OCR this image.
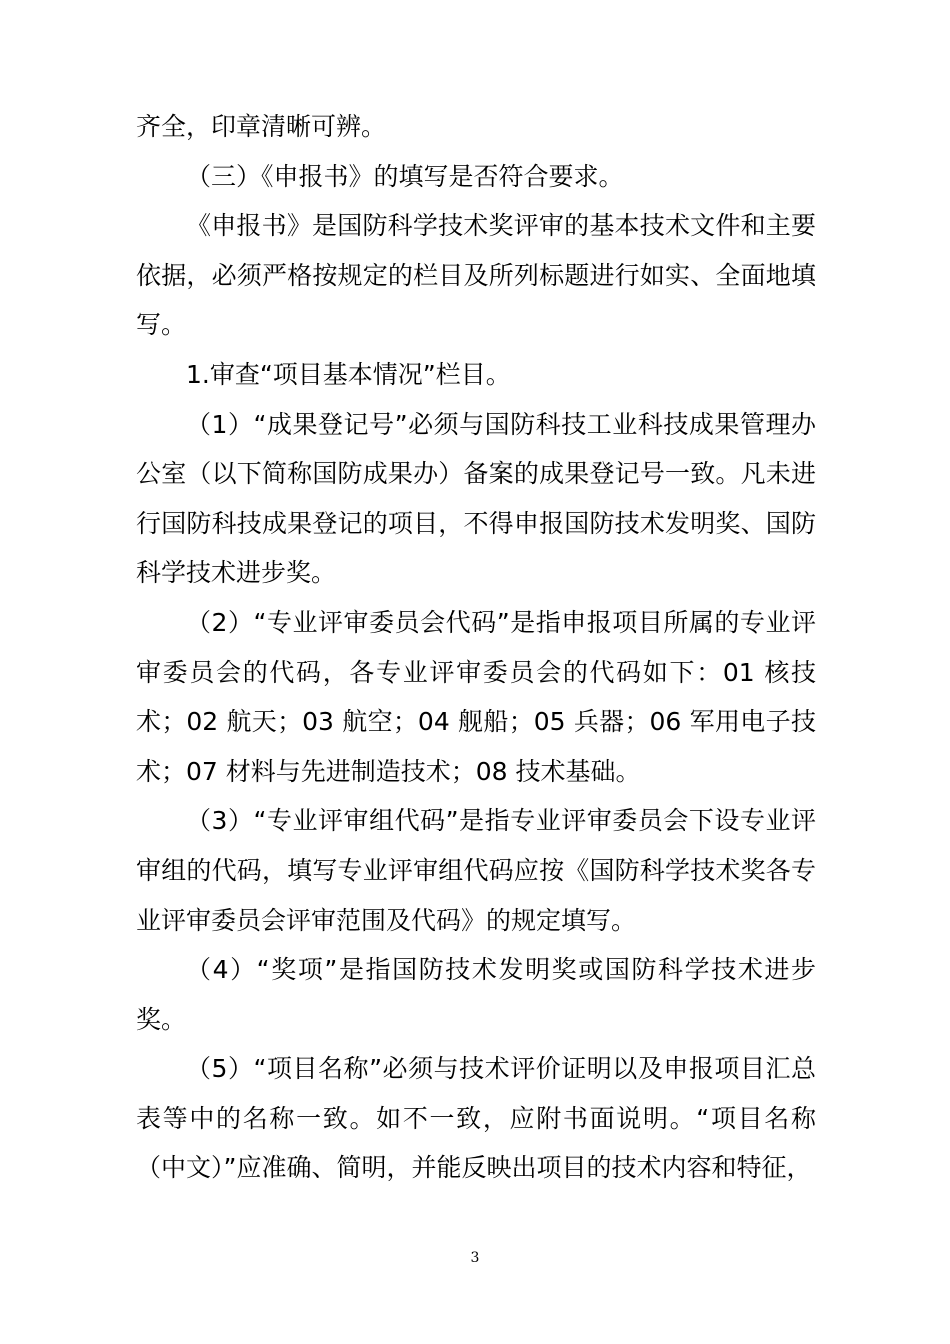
齐全，印章清晰可辨。

（三）《申报书》的填写是否符合要求。

《申报书》是国防科学技术奖评审的基本技术文件和主要依据，必须严格按规定的栏目及所列标题进行如实、全面地填写。

1.审查“项目基本情况”栏目。

（1）“成果登记号”必须与国防科技工业科技成果管理办公室（以下简称国防成果办）备案的成果登记号一致。凡未进行国防科技成果登记的项目，不得申报国防技术发明奖、国防科学技术进步奖。

（2）“专业评审委员会代码”是指申报项目所属的专业评审委员会的代码，各专业评审委员会的代码如下：01 核技术；02 航天；03 航空；04 舰船；05 兵器；06 军用电子技术；07 材料与先进制造技术；08 技术基础。

（3）“专业评审组代码”是指专业评审委员会下设专业评审组的代码，填写专业评审组代码应按《国防科学技术奖各专业评审委员会评审范围及代码》的规定填写。

（4）“奖项”是指国防技术发明奖或国防科学技术进步奖。

（5）“项目名称”必须与技术评价证明以及申报项目汇总表等中的名称一致。如不一致，应附书面说明。“项目名称（中文）”应准确、简明，并能反映出项目的技术内容和特征，

3
